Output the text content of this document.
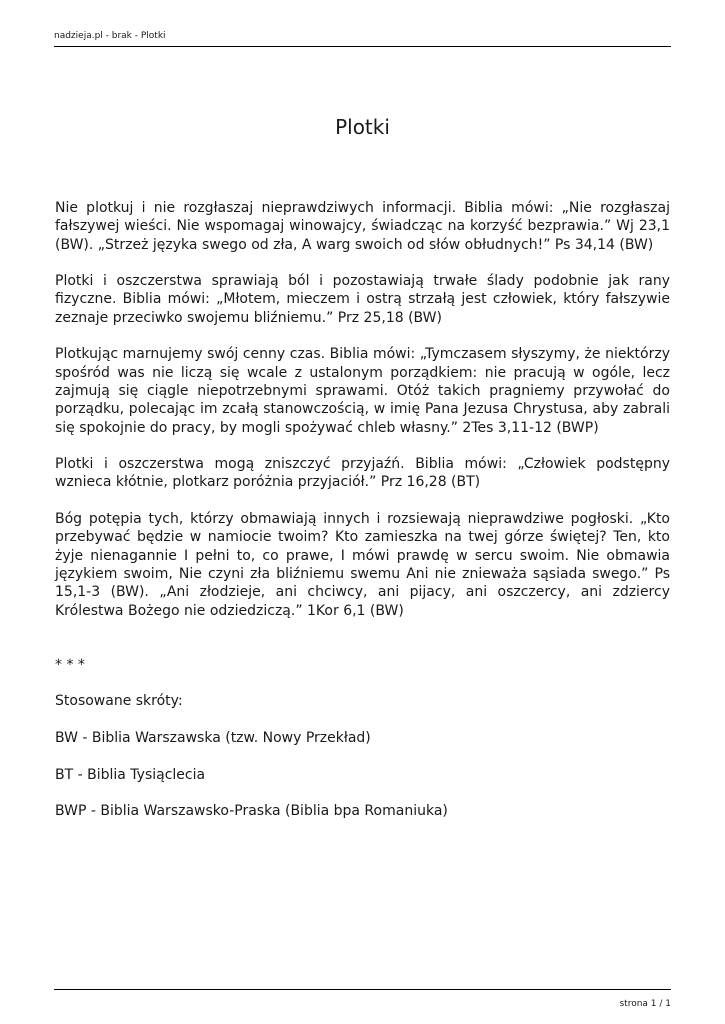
nadzieja.pl - brak - Plotki
Plotki

Nie plotkuj i nie rozgłaszaj nieprawdziwych informacji. Biblia mówi: „Nie rozgłaszaj fałszywej wieści. Nie wspomagaj winowajcy, świadcząc na korzyść bezprawia.” Wj 23,1 (BW). „Strzeż języka swego od zła, A warg swoich od słów obłudnych!” Ps 34,14 (BW)

Plotki i oszczerstwa sprawiają ból i pozostawiają trwałe ślady podobnie jak rany fizyczne. Biblia mówi: „Młotem, mieczem i ostrą strzałą jest człowiek, który fałszywie zeznaje przeciwko swojemu bliźniemu.” Prz 25,18 (BW)

Plotkując marnujemy swój cenny czas. Biblia mówi: „Tymczasem słyszymy, że niektórzy spośród was nie liczą się wcale z ustalonym porządkiem: nie pracują w ogóle, lecz zajmują się ciągle niepotrzebnymi sprawami. Otóż takich pragniemy przywołać do porządku, polecając im zcałą stanowczością, w imię Pana Jezusa Chrystusa, aby zabrali się spokojnie do pracy, by mogli spożywać chleb własny.” 2Tes 3,11-12 (BWP)

Plotki i oszczerstwa mogą zniszczyć przyjaźń. Biblia mówi: „Człowiek podstępny wznieca kłótnie, plotkarz poróżnia przyjaciół.” Prz 16,28 (BT)

Bóg potępia tych, którzy obmawiają innych i rozsiewają nieprawdziwe pogłoski. „Kto przebywać będzie w namiocie twoim? Kto zamieszka na twej górze świętej? Ten, kto żyje nienagannie I pełni to, co prawe, I mówi prawdę w sercu swoim. Nie obmawia językiem swoim, Nie czyni zła bliźniemu swemu Ani nie znieważa sąsiada swego.” Ps 15,1-3 (BW). „Ani złodzieje, ani chciwcy, ani pijacy, ani oszczercy, ani zdziercy Królestwa Bożego nie odziedziczą.” 1Kor 6,1 (BW)

* * *

Stosowane skróty:

BW - Biblia Warszawska (tzw. Nowy Przekład)

BT - Biblia Tysiąclecia

BWP - Biblia Warszawsko-Praska (Biblia bpa Romaniuka)

strona 1 / 1
